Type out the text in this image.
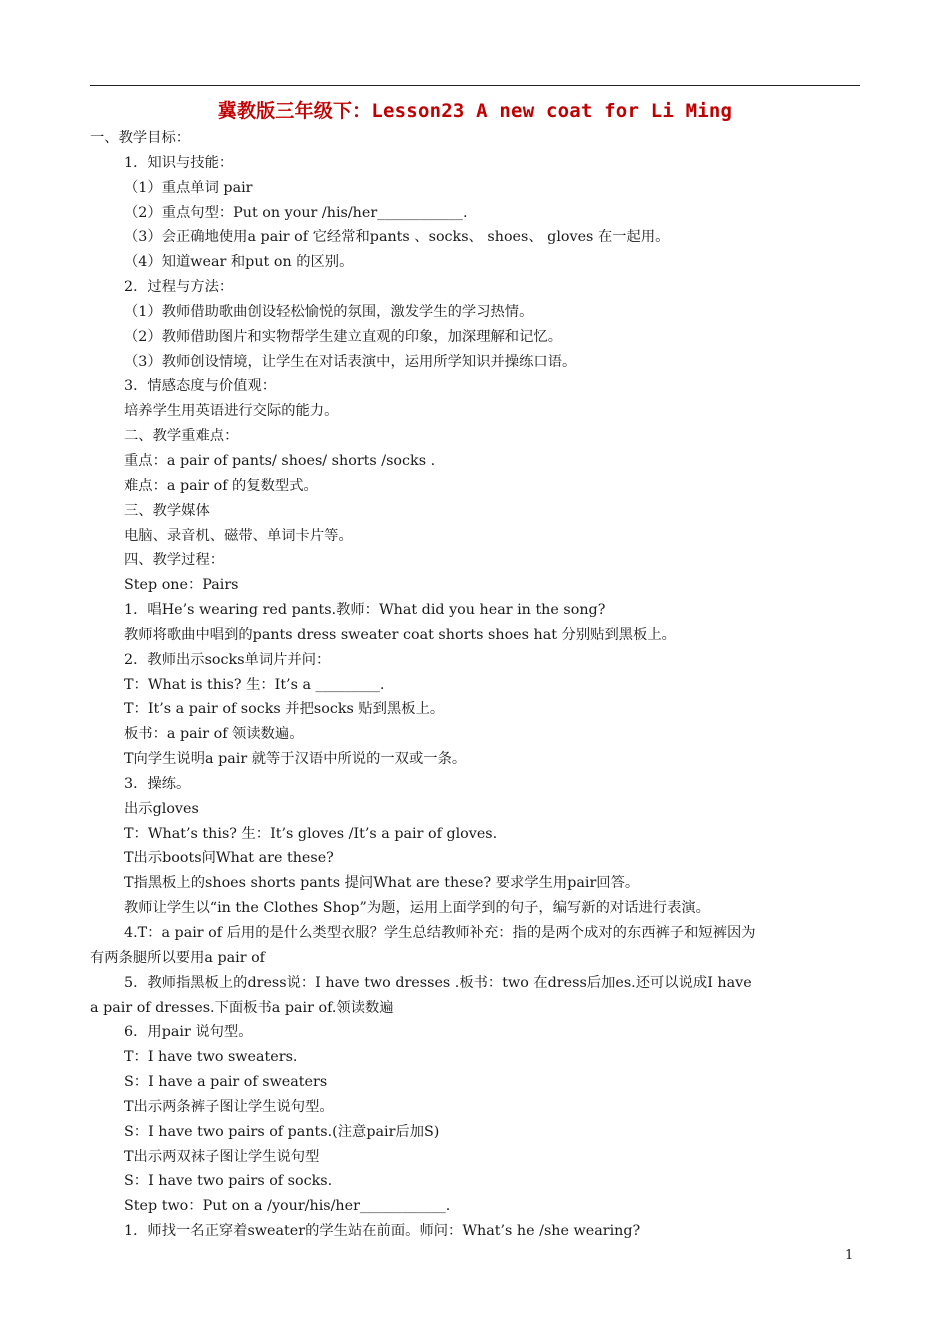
冀教版三年级下：Lesson23 A new coat for Li Ming
一、教学目标：
1．知识与技能：
（1）重点单词 pair
（2）重点句型：Put on your /his/her____________.
（3）会正确地使用a pair of 它经常和pants 、socks、 shoes、 gloves 在一起用。
（4）知道wear 和put on 的区别。
2．过程与方法：
（1）教师借助歌曲创设轻松愉悦的氛围，激发学生的学习热情。
（2）教师借助图片和实物帮学生建立直观的印象，加深理解和记忆。
（3）教师创设情境，让学生在对话表演中，运用所学知识并操练口语。
3．情感态度与价值观：
培养学生用英语进行交际的能力。
二、教学重难点：
重点：a pair of pants/ shoes/ shorts /socks .
难点：a pair of 的复数型式。
三、教学媒体
电脑、录音机、磁带、单词卡片等。
四、教学过程：
Step one：Pairs
1．唱He’s wearing red pants.教师：What did you hear in the song?
教师将歌曲中唱到的pants dress sweater coat shorts shoes hat 分别贴到黑板上。
2．教师出示socks单词片并问：
T：What is this? 生：It’s a _________.
T：It’s a pair of socks 并把socks 贴到黑板上。
板书：a pair of 领读数遍。
T向学生说明a pair 就等于汉语中所说的一双或一条。
3．操练。
出示gloves
T：What’s this? 生：It’s gloves /It’s a pair of gloves.
T出示boots问What are these?
T指黑板上的shoes shorts pants 提问What are these? 要求学生用pair回答。
教师让学生以“in the Clothes Shop”为题，运用上面学到的句子，编写新的对话进行表演。
4.T：a pair of 后用的是什么类型衣服？学生总结教师补充：指的是两个成对的东西裤子和短裤因为
有两条腿所以要用a pair of
5．教师指黑板上的dress说：I have two dresses .板书：two 在dress后加es.还可以说成I have
a pair of dresses.下面板书a pair of.领读数遍
6．用pair 说句型。
T：I have two sweaters.
S：I have a pair of sweaters
T出示两条裤子图让学生说句型。
S：I have two pairs of pants.(注意pair后加S)
T出示两双袜子图让学生说句型
S：I have two pairs of socks.
Step two：Put on a /your/his/her____________.
1．师找一名正穿着sweater的学生站在前面。师问：What’s he /she wearing?
1
